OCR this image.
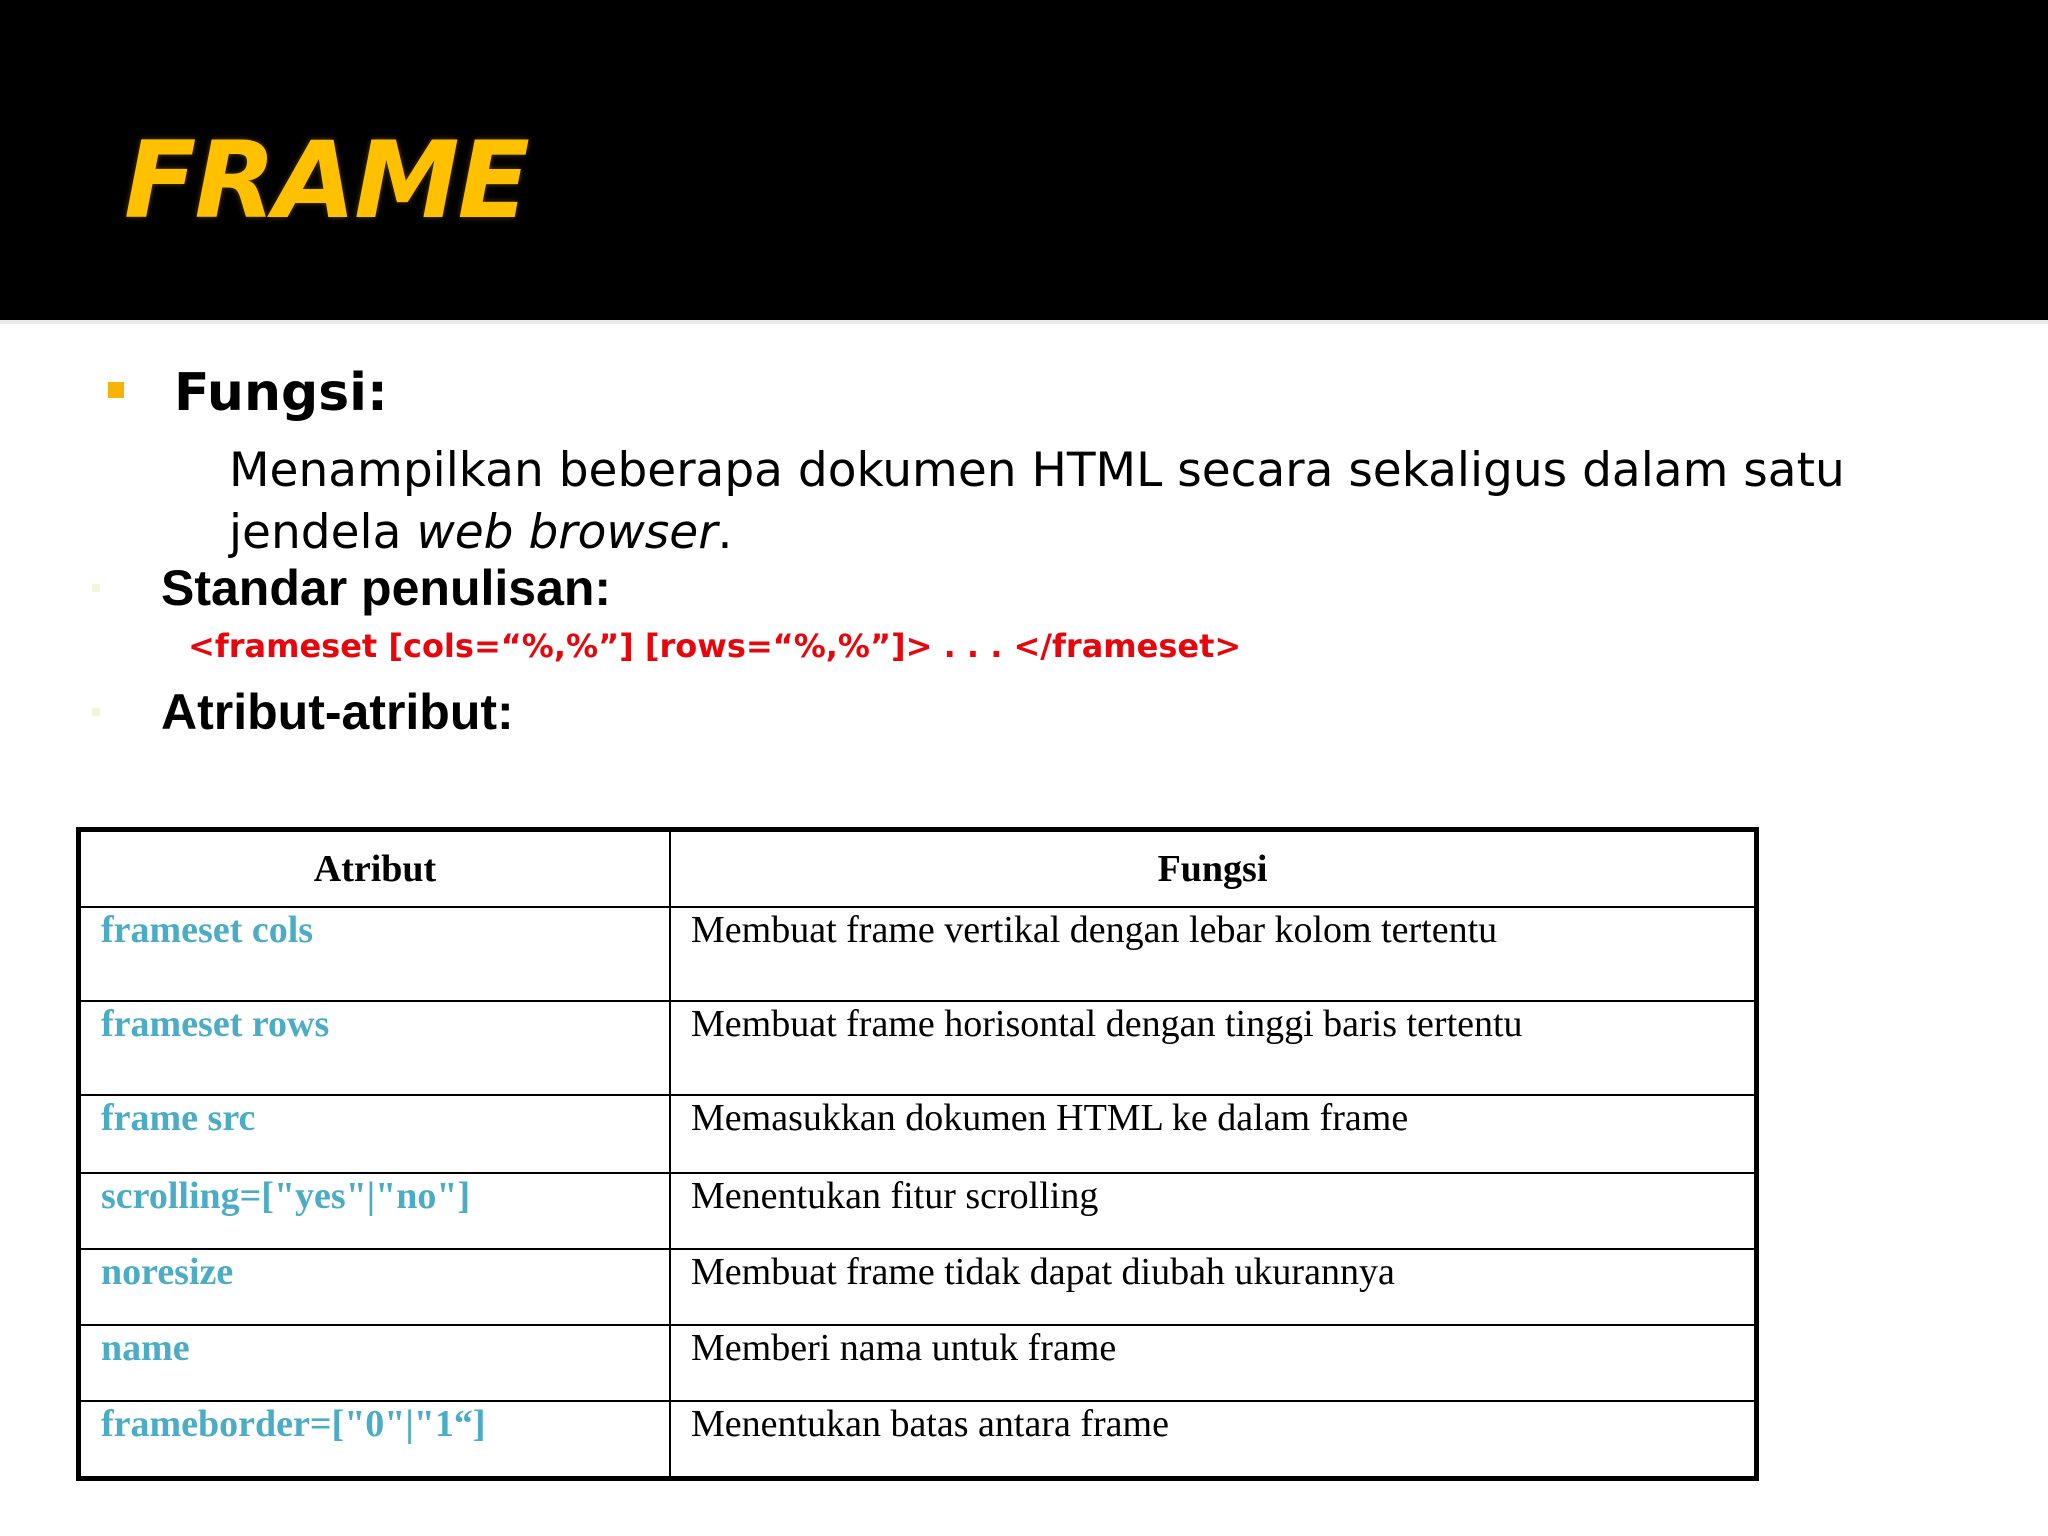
FRAME
Fungsi:

Menampilkan beberapa dokumen HTML secara sekaligus dalam satu jendela web browser.

Standar penulisan:

<frameset [cols=“%,%”] [rows=“%,%”]> . . . </frameset>

Atribut-atribut:
Atribut	Fungsi
frameset cols	Membuat frame vertikal dengan lebar kolom tertentu
frameset rows	Membuat frame horisontal dengan tinggi baris tertentu
frame src	Memasukkan dokumen HTML ke dalam frame
scrolling=["yes"|"no"]	Menentukan fitur scrolling
noresize	Membuat frame tidak dapat diubah ukurannya
name	Memberi nama untuk frame
frameborder=["0"|"1“]	Menentukan batas antara frame
